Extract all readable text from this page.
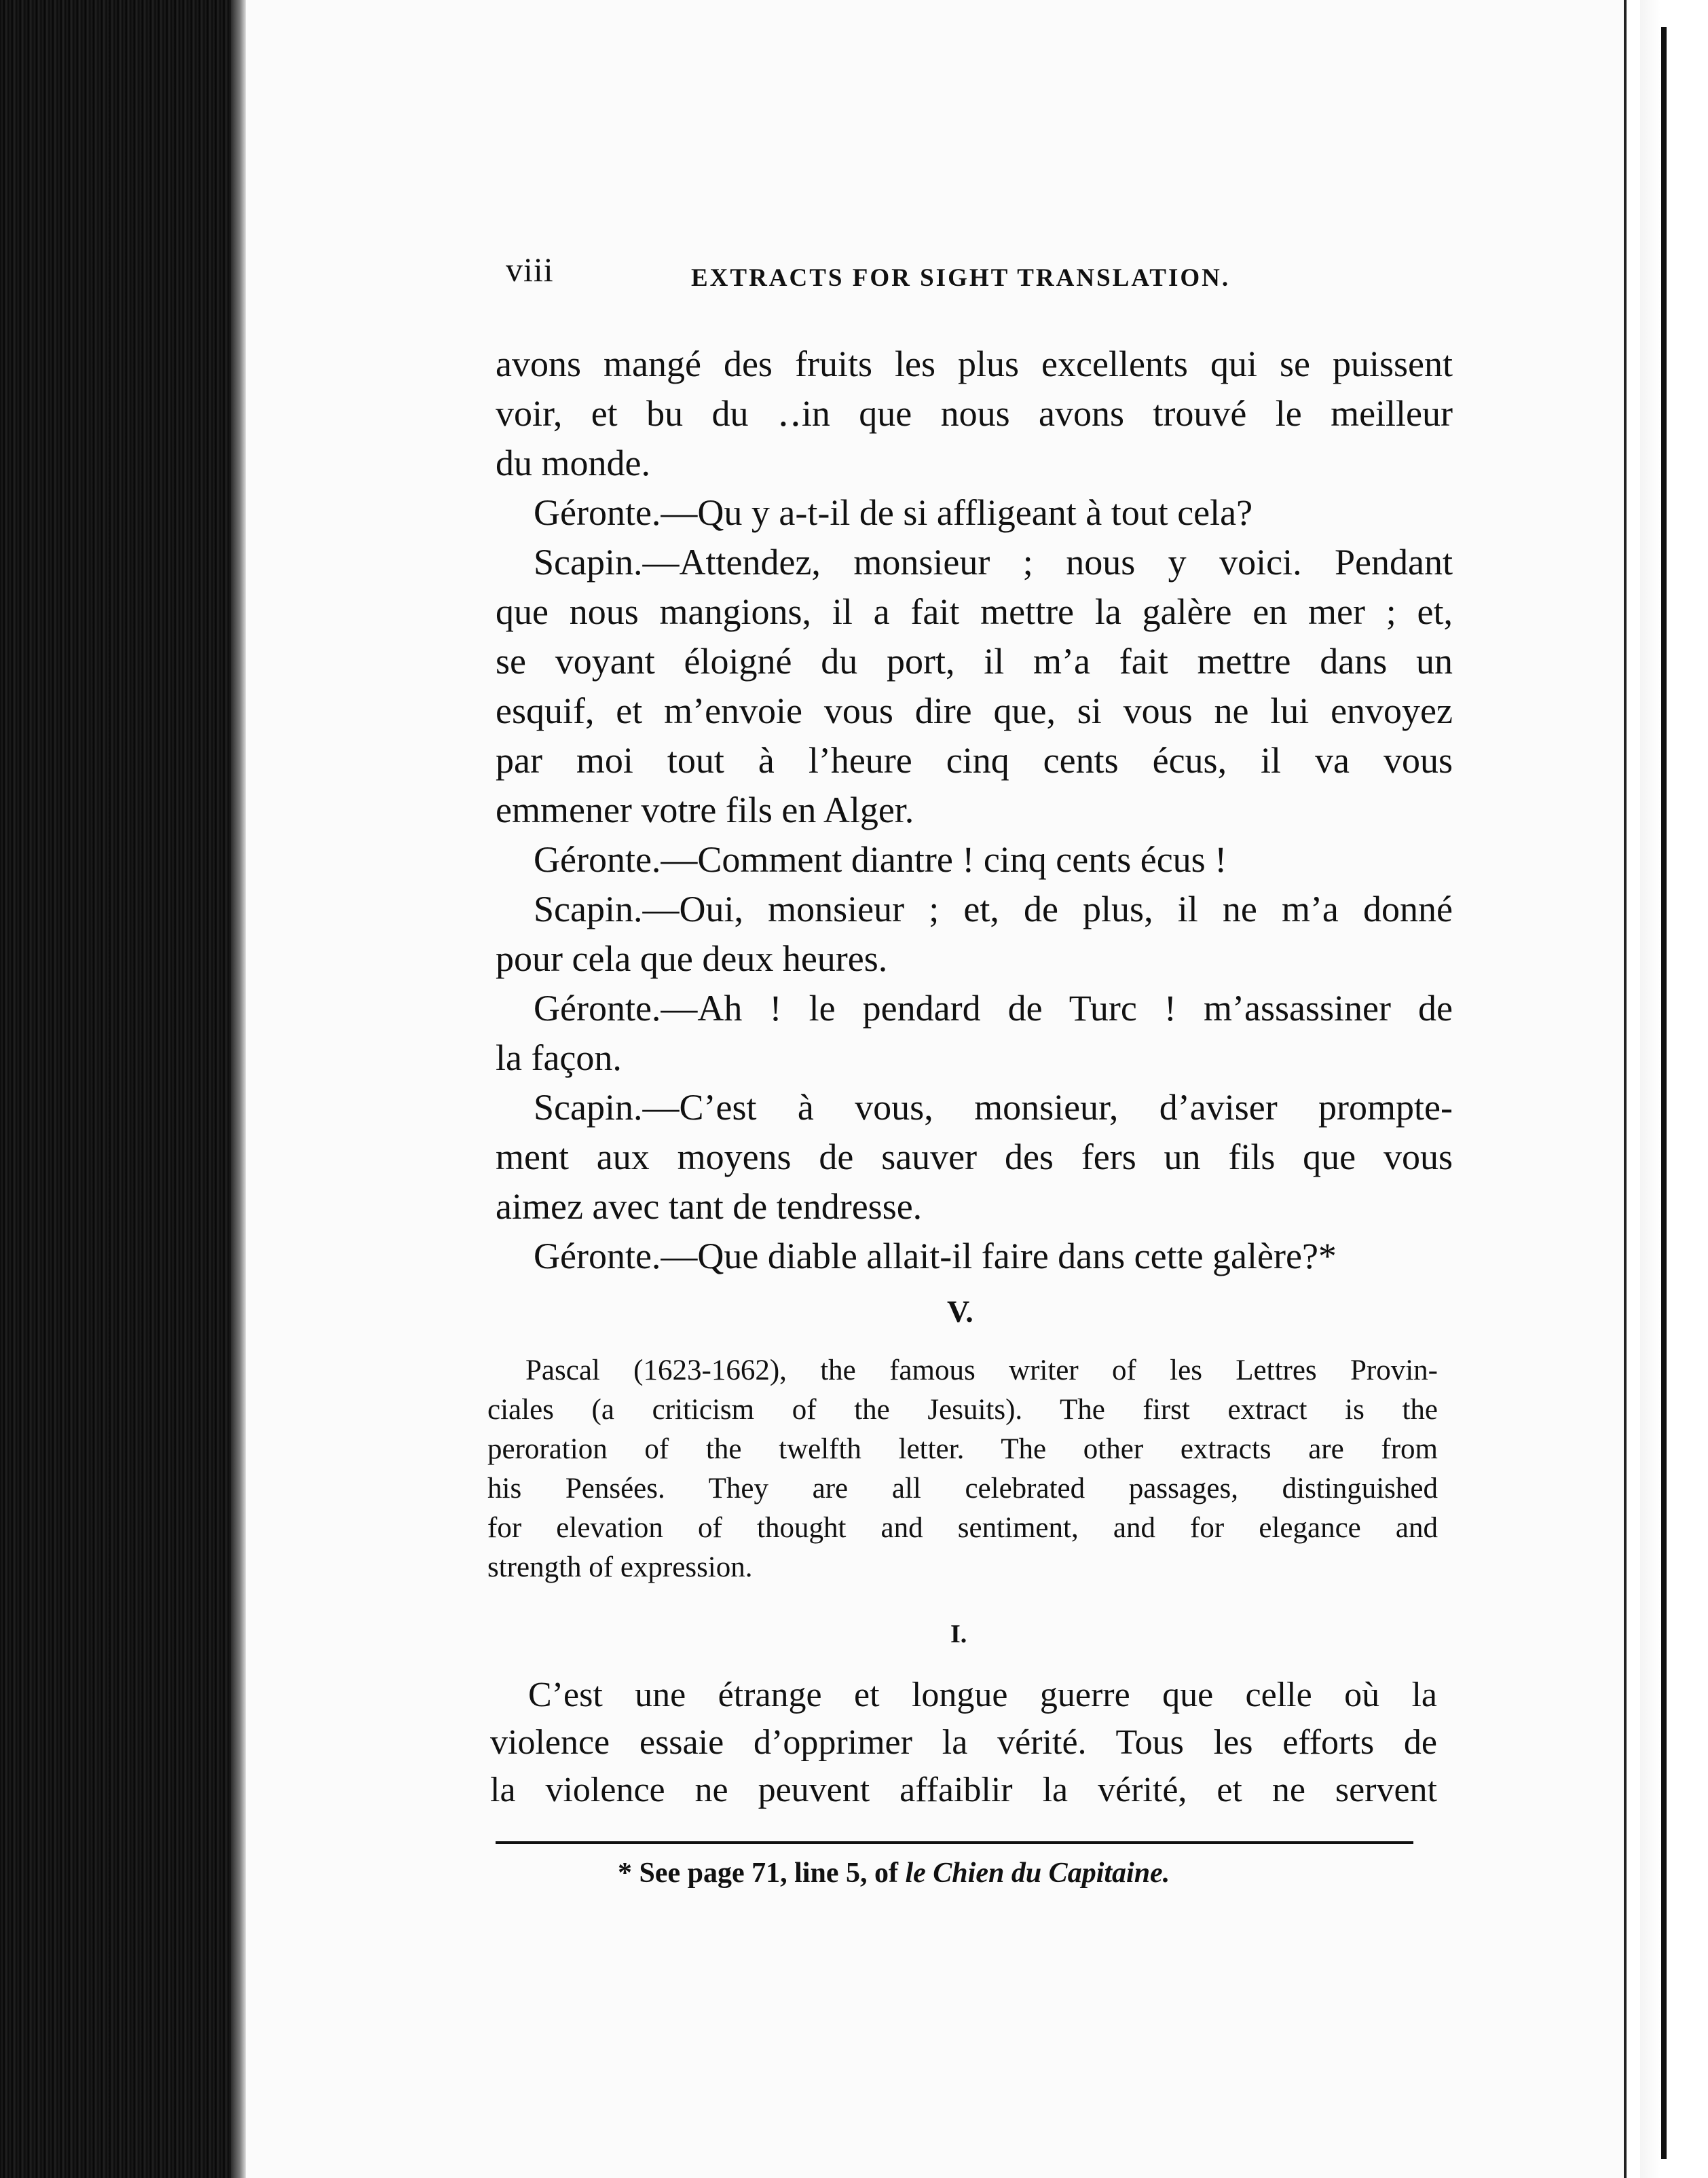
viii	EXTRACTS FOR SIGHT TRANSLATION.
avons mangé des fruits les plus excellents qui se puissent
voir, et bu du ‥in que nous avons trouvé le meilleur
du monde.
Géronte.—Qu y a-t-il de si affligeant à tout cela?
Scapin.—Attendez, monsieur ; nous y voici. Pendant
que nous mangions, il a fait mettre la galère en mer ; et,
se voyant éloigné du port, il m’a fait mettre dans un
esquif, et m’envoie vous dire que, si vous ne lui envoyez
par moi tout à l’heure cinq cents écus, il va vous
emmener votre fils en Alger.
Géronte.—Comment diantre ! cinq cents écus !
Scapin.—Oui, monsieur ; et, de plus, il ne m’a donné
pour cela que deux heures.
Géronte.—Ah ! le pendard de Turc ! m’assassiner de
la façon.
Scapin.—C’est à vous, monsieur, d’aviser prompte-
ment aux moyens de sauver des fers un fils que vous
aimez avec tant de tendresse.
Géronte.—Que diable allait-il faire dans cette galère?*
V.
Pascal (1623-1662), the famous writer of les Lettres Provin-
ciales (a criticism of the Jesuits). The first extract is the
peroration of the twelfth letter. The other extracts are from
his Pensées. They are all celebrated passages, distinguished
for elevation of thought and sentiment, and for elegance and
strength of expression.
I.
C’est une étrange et longue guerre que celle où la
violence essaie d’opprimer la vérité. Tous les efforts de
la violence ne peuvent affaiblir la vérité, et ne servent
* See page 71, line 5, of le Chien du Capitaine.
